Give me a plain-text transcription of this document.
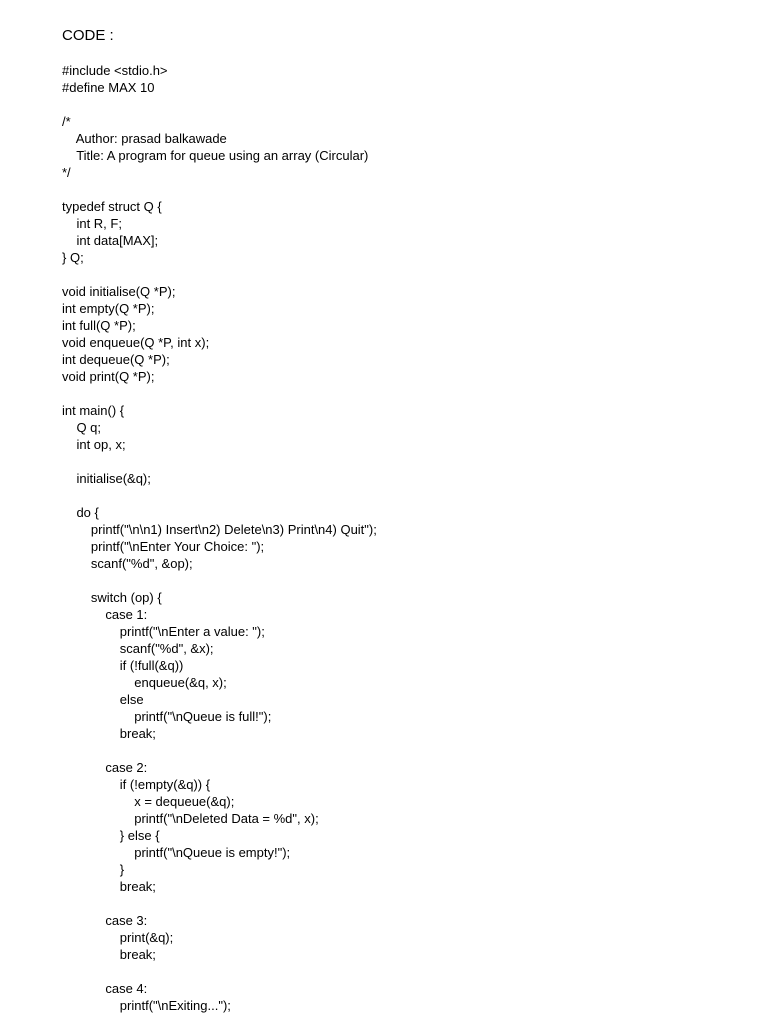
CODE :
#include <stdio.h>
#define MAX 10
/*
Author: prasad balkawade
Title: A program for queue using an array (Circular)
*/
typedef struct Q {
int R, F;
int data[MAX];
} Q;
void initialise(Q *P);
int empty(Q *P);
int full(Q *P);
void enqueue(Q *P, int x);
int dequeue(Q *P);
void print(Q *P);
int main() {
Q q;
int op, x;
initialise(&q);
do {
printf("\n\n1) Insert\n2) Delete\n3) Print\n4) Quit");
printf("\nEnter Your Choice: ");
scanf("%d", &op);
switch (op) {
case 1:
printf("\nEnter a value: ");
scanf("%d", &x);
if (!full(&q))
enqueue(&q, x);
else
printf("\nQueue is full!");
break;
case 2:
if (!empty(&q)) {
x = dequeue(&q);
printf("\nDeleted Data = %d", x);
} else {
printf("\nQueue is empty!");
}
break;
case 3:
print(&q);
break;
case 4:
printf("\nExiting...");
